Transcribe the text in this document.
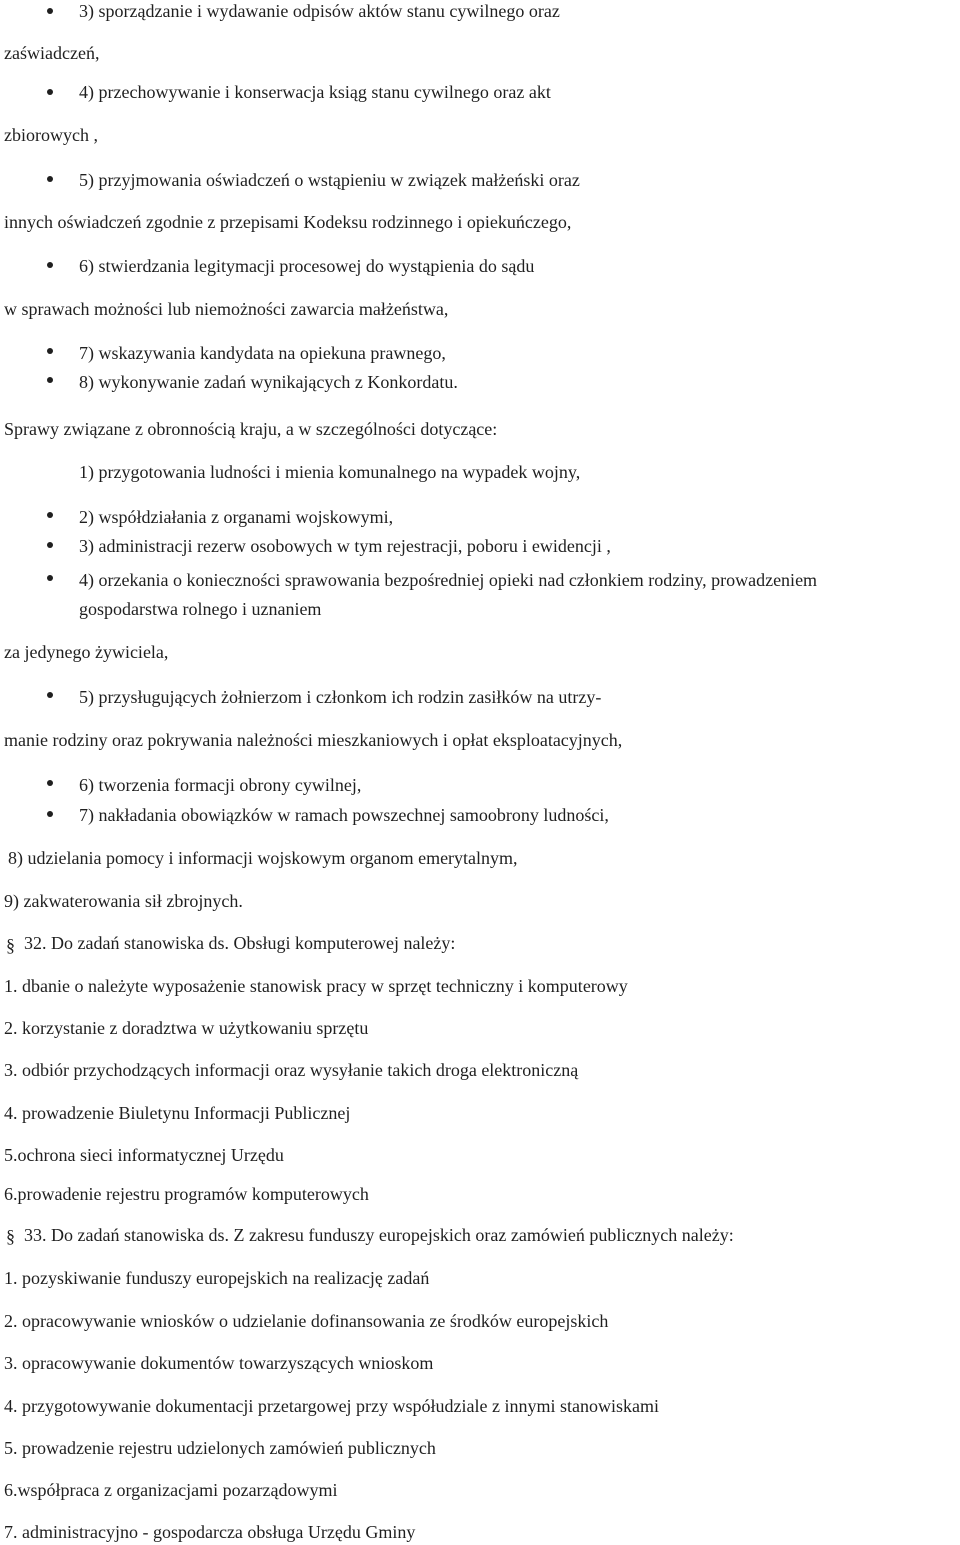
§
§
3) sporządzanie i wydawanie odpisów aktów stanu cywilnego oraz
zaświadczeń,
4) przechowywanie i konserwacja ksiąg stanu cywilnego oraz akt
zbiorowych ,
5) przyjmowania oświadczeń o wstąpieniu w związek małżeński oraz
innych oświadczeń zgodnie z przepisami Kodeksu rodzinnego i opiekuńczego,
6) stwierdzania legitymacji procesowej do wystąpienia do sądu
w sprawach możności lub niemożności zawarcia małżeństwa,
7) wskazywania kandydata na opiekuna prawnego,
8) wykonywanie zadań wynikających z Konkordatu.
Sprawy związane z obronnością kraju, a w szczególności dotyczące:
1) przygotowania ludności i mienia komunalnego na wypadek wojny,
2) współdziałania z organami wojskowymi,
3) administracji rezerw osobowych w tym rejestracji, poboru i ewidencji ,
4) orzekania o konieczności sprawowania bezpośredniej opieki nad członkiem rodziny, prowadzeniem
gospodarstwa rolnego i uznaniem
za jedynego żywiciela,
5) przysługujących żołnierzom i członkom ich rodzin zasiłków na utrzy-
manie rodziny oraz pokrywania należności mieszkaniowych i opłat eksploatacyjnych,
6) tworzenia formacji obrony cywilnej,
7) nakładania obowiązków w ramach powszechnej samoobrony ludności,
8) udzielania pomocy i informacji wojskowym organom emerytalnym,
9) zakwaterowania sił zbrojnych.
32. Do zadań stanowiska ds. Obsługi komputerowej należy:
1. dbanie o należyte wyposażenie stanowisk pracy w sprzęt techniczny i komputerowy
2. korzystanie z doradztwa w użytkowaniu sprzętu
3. odbiór przychodzących informacji oraz wysyłanie takich droga elektroniczną
4. prowadzenie Biuletynu Informacji Publicznej
5.ochrona sieci informatycznej Urzędu
6.prowadenie rejestru programów komputerowych
33. Do zadań stanowiska ds. Z zakresu funduszy europejskich oraz zamówień publicznych należy:
1. pozyskiwanie funduszy europejskich na realizację zadań
2. opracowywanie wniosków o udzielanie dofinansowania ze środków europejskich
3. opracowywanie dokumentów towarzyszących wnioskom
4. przygotowywanie dokumentacji przetargowej przy współudziale z innymi stanowiskami
5. prowadzenie rejestru udzielonych zamówień publicznych
6.współpraca z organizacjami pozarządowymi
7. administracyjno - gospodarcza obsługa Urzędu Gminy
